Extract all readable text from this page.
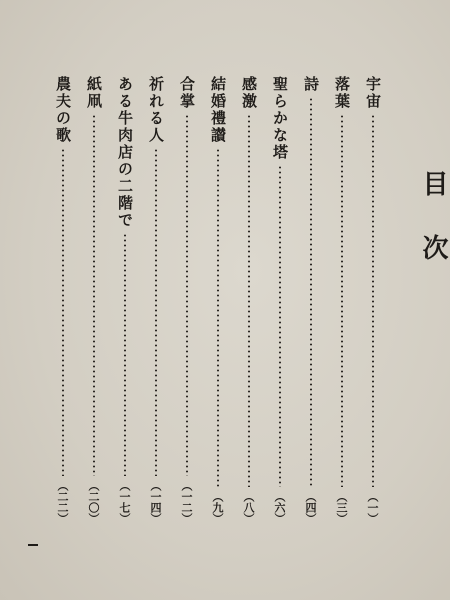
目次
宇宙
（一）
落葉
（三）
詩
（四）
聖らかな塔
（六）
感激
（八）
結婚禮讃
（九）
合掌
（一二）
祈れる人
（一四）
ある牛肉店の二階で
（一七）
紙凧
（二〇）
農夫の歌
（二二）
